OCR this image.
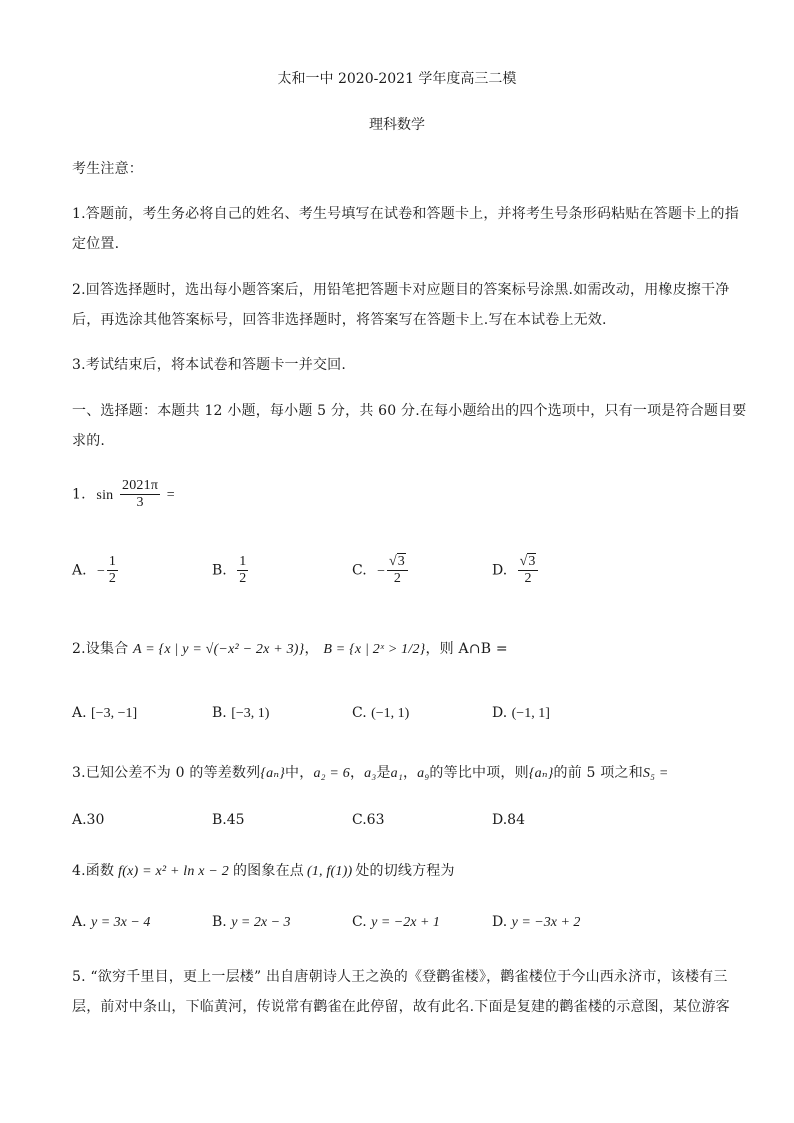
太和一中 2020-2021 学年度高三二模
理科数学
考生注意：
1.答题前，考生务必将自己的姓名、考生号填写在试卷和答题卡上，并将考生号条形码粘贴在答题卡上的指
定位置.
2.回答选择题时，选出每小题答案后，用铅笔把答题卡对应题目的答案标号涂黑.如需改动，用橡皮擦干净
后，再选涂其他答案标号，回答非选择题时，将答案写在答题卡上.写在本试卷上无效.
3.考试结束后，将本试卷和答题卡一并交回.
一、选择题：本题共 12 小题，每小题 5 分，共 60 分.在每小题给出的四个选项中，只有一项是符合题目要
求的.
1. $\sin \frac{2021\pi}{3}$ =
A. − $\frac{1}{2}$	B. $\frac{1}{2}$	C. − $\frac{√3}{2}$	D. $\frac{√3}{2}$
2.设集合 A = {x | y = √(−x² − 2x + 3)}， B = {x | 2ˣ > 1/2}，则 A∩B =
A. [−3, −1]	B. [−3, 1)	C. (−1, 1)	D. (−1, 1]
3.已知公差不为 0 的等差数列{aₙ}中，a₂ = 6，a₃是a₁，a₉的等比中项，则{aₙ}的前 5 项之和S₅ =
A.30	B.45	C.63	D.84
4.函数 f(x) = x² + ln x − 2 的图象在点 (1, f(1)) 处的切线方程为
A. y = 3x − 4	B. y = 2x − 3	C. y = −2x + 1	D. y = −3x + 2
5. “欲穷千里目，更上一层楼” 出自唐朝诗人王之涣的《登鹳雀楼》，鹳雀楼位于今山西永济市，该楼有三
层，前对中条山，下临黄河，传说常有鹳雀在此停留，故有此名.下面是复建的鹳雀楼的示意图，某位游客
